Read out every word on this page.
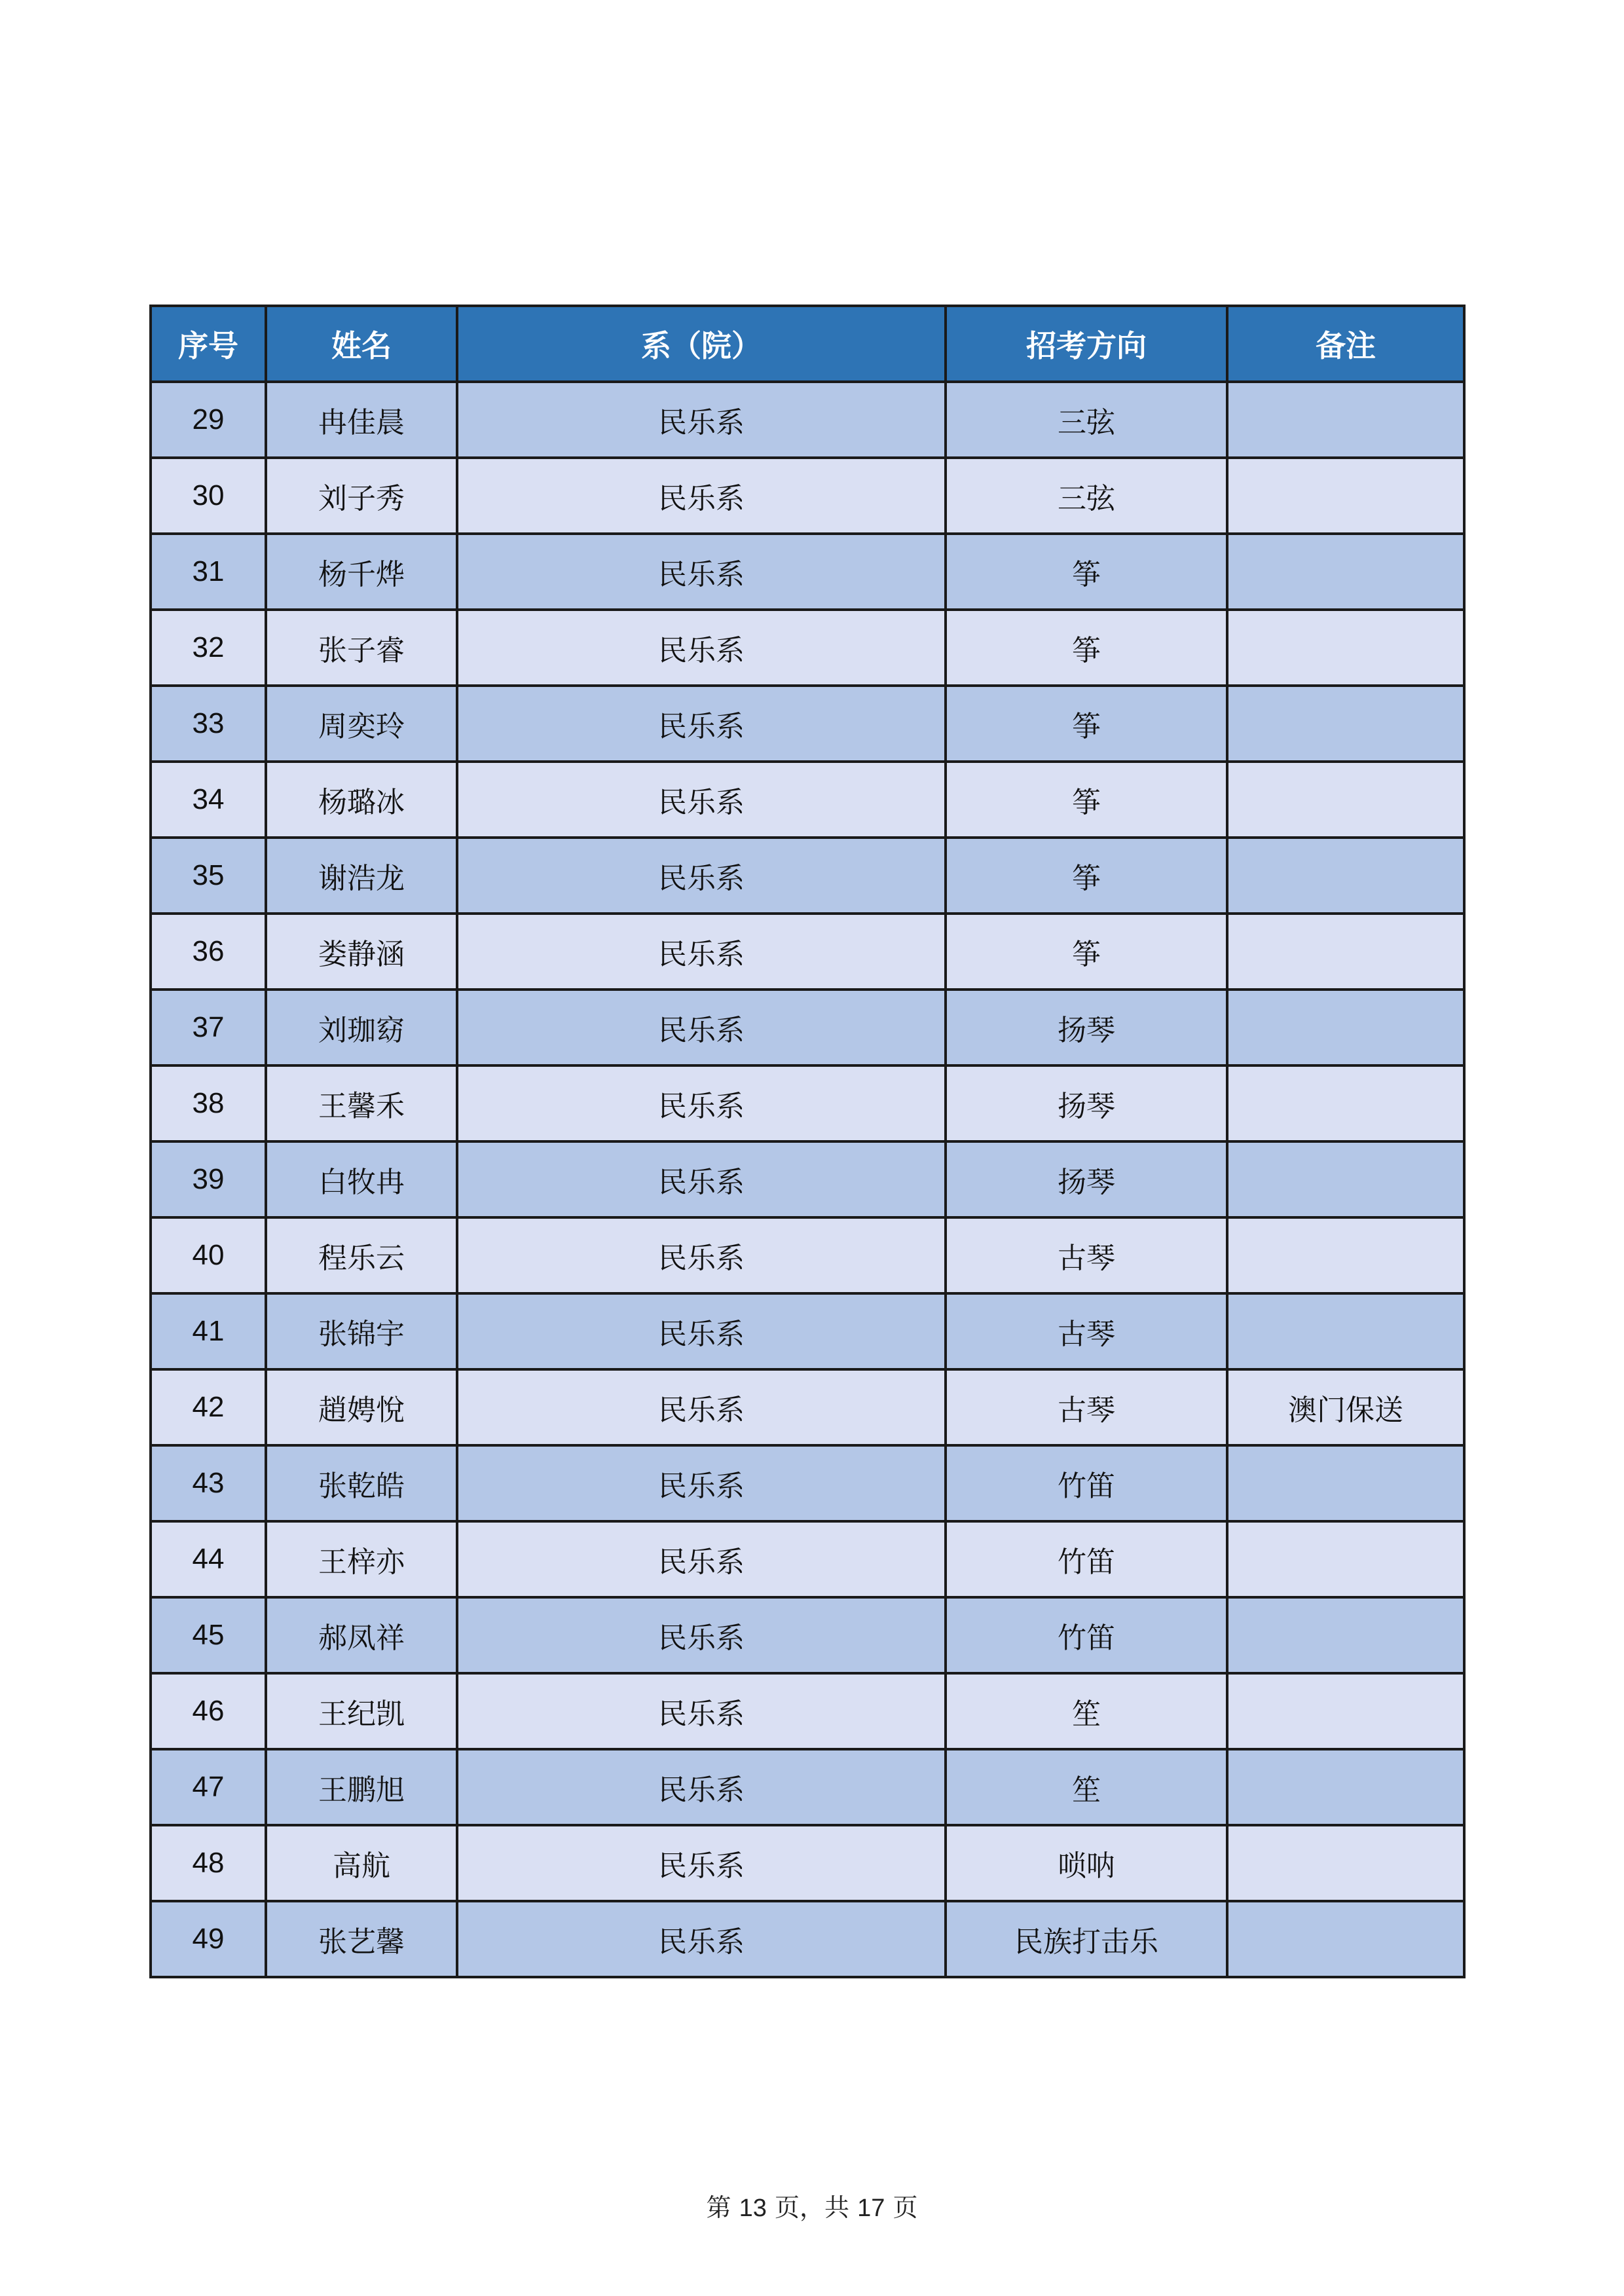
序号	姓名	系（院）	招考方向	备注
29	冉佳晨	民乐系	三弦	
30	刘子秀	民乐系	三弦	
31	杨千烨	民乐系	筝	
32	张子睿	民乐系	筝	
33	周奕玲	民乐系	筝	
34	杨璐冰	民乐系	筝	
35	谢浩龙	民乐系	筝	
36	娄静涵	民乐系	筝	
37	刘珈窈	民乐系	扬琴	
38	王馨禾	民乐系	扬琴	
39	白牧冉	民乐系	扬琴	
40	程乐云	民乐系	古琴	
41	张锦宇	民乐系	古琴	
42	趙娉悅	民乐系	古琴	澳门保送
43	张乾皓	民乐系	竹笛	
44	王梓亦	民乐系	竹笛	
45	郝凤祥	民乐系	竹笛	
46	王纪凯	民乐系	笙	
47	王鹏旭	民乐系	笙	
48	高航	民乐系	唢呐	
49	张艺馨	民乐系	民族打击乐	
第 13 页，共 17 页
